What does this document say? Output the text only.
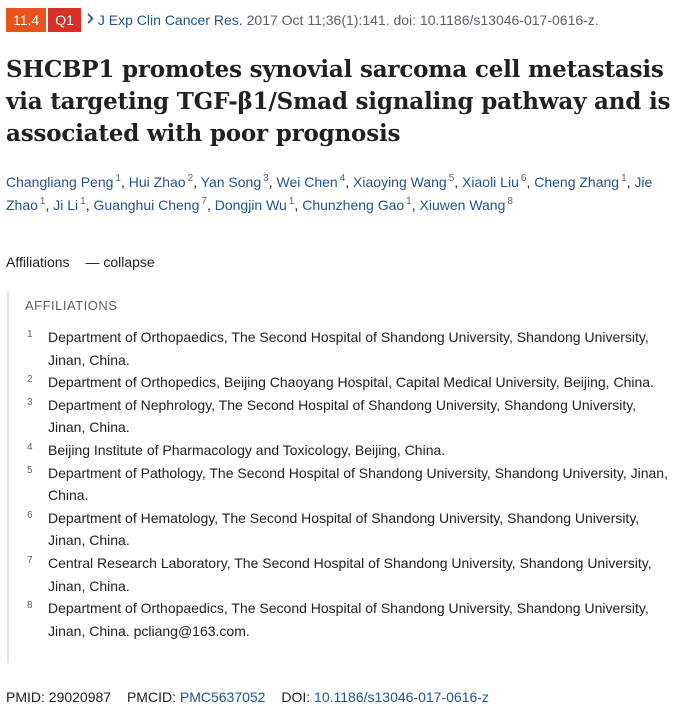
11.4	Q1	J Exp Clin Cancer Res. 2017 Oct 11;36(1):141. doi: 10.1186/s13046-017-0616-z.
SHCBP1 promotes synovial sarcoma cell metastasis via targeting TGF-β1/Smad signaling pathway and is associated with poor prognosis
Changliang Peng $^1$, Hui Zhao $^2$, Yan Song $^3$, Wei Chen $^4$, Xiaoying Wang $^5$, Xiaoli Liu $^6$, Cheng Zhang $^1$, Jie Zhao $^1$, Ji Li $^1$, Guanghui Cheng $^7$, Dongjin Wu $^1$, Chunzheng Gao $^1$, Xiuwen Wang $^8$
Affiliations — collapse
AFFILIATIONS
1 Department of Orthopaedics, The Second Hospital of Shandong University, Shandong University, Jinan, China.
2 Department of Orthopedics, Beijing Chaoyang Hospital, Capital Medical University, Beijing, China.
3 Department of Nephrology, The Second Hospital of Shandong University, Shandong University, Jinan, China.
4 Beijing Institute of Pharmacology and Toxicology, Beijing, China.
5 Department of Pathology, The Second Hospital of Shandong University, Shandong University, Jinan, China.
6 Department of Hematology, The Second Hospital of Shandong University, Shandong University, Jinan, China.
7 Central Research Laboratory, The Second Hospital of Shandong University, Shandong University, Jinan, China.
8 Department of Orthopaedics, The Second Hospital of Shandong University, Shandong University, Jinan, China. pcliang@163.com.
PMID: 29020987 PMCID: PMC5637052 DOI: 10.1186/s13046-017-0616-z
